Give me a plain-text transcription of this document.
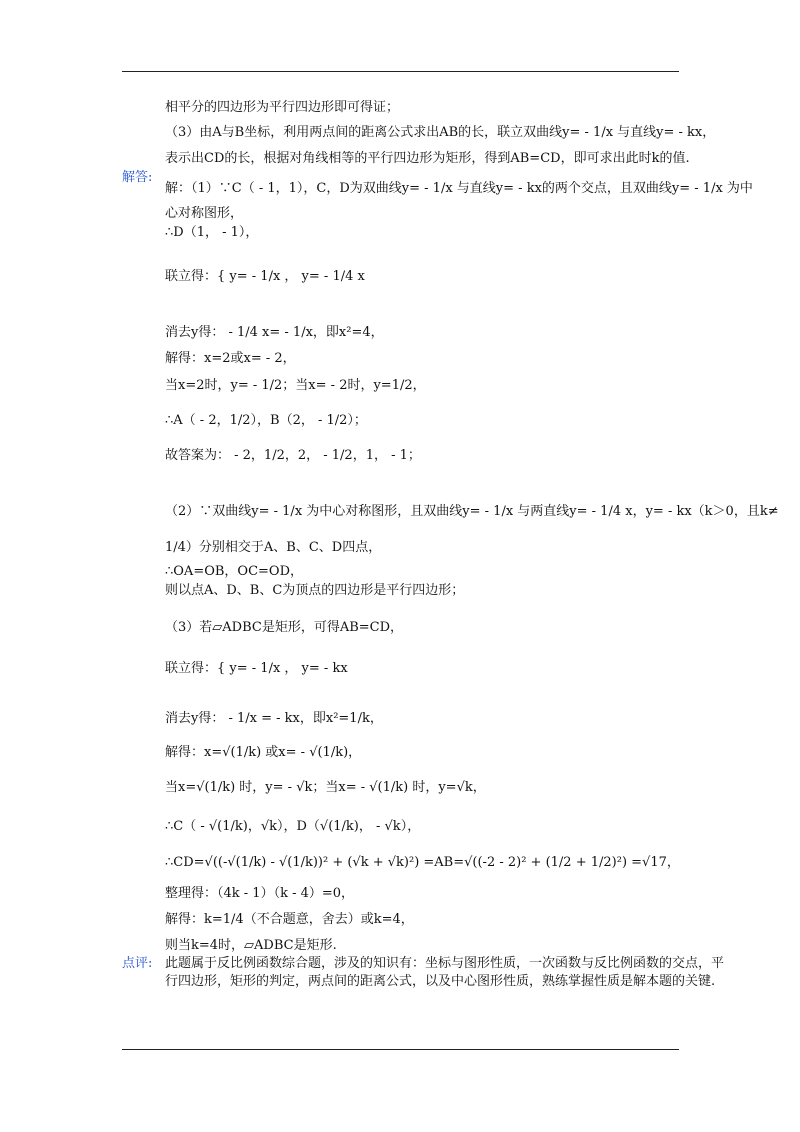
相平分的四边形为平行四边形即可得证；
（3）由A与B坐标，利用两点间的距离公式求出AB的长，联立双曲线y= - 1/x 与直线y= - kx，
表示出CD的长，根据对角线相等的平行四边形为矩形，得到AB=CD，即可求出此时k的值.
解答:
解：（1）∵C（ - 1，1），C，D为双曲线y= - 1/x 与直线y= - kx的两个交点，且双曲线y= - 1/x 为中
心对称图形，
∴D（1， - 1），
联立得：{ y= - 1/x ， y= - 1/4 x
消去y得： - 1/4 x= - 1/x，即x²=4，
解得：x=2或x= - 2，
当x=2时，y= - 1/2；当x= - 2时，y=1/2，
∴A（ - 2，1/2），B（2， - 1/2）；
故答案为： - 2，1/2，2， - 1/2，1， - 1；
（2）∵双曲线y= - 1/x 为中心对称图形，且双曲线y= - 1/x 与两直线y= - 1/4 x，y= - kx（k＞0，且k≠
1/4）分别相交于A、B、C、D四点，
∴OA=OB，OC=OD，
则以点A、D、B、C为顶点的四边形是平行四边形；
（3）若▱ADBC是矩形，可得AB=CD，
联立得：{ y= - 1/x ， y= - kx
消去y得： - 1/x = - kx，即x²=1/k，
解得：x=√(1/k) 或x= - √(1/k)，
当x=√(1/k) 时，y= - √k；当x= - √(1/k) 时，y=√k，
∴C（ - √(1/k)，√k），D（√(1/k)， - √k），
∴CD=√((-√(1/k) - √(1/k))² + (√k + √k)²) =AB=√((-2 - 2)² + (1/2 + 1/2)²) =√17，
整理得：（4k - 1）（k - 4）=0，
解得：k=1/4（不合题意，舍去）或k=4，
则当k=4时，▱ADBC是矩形.
点评: 此题属于反比例函数综合题，涉及的知识有：坐标与图形性质，一次函数与反比例函数的交点，平行四边形，矩形的判定，两点间的距离公式，以及中心图形性质，熟练掌握性质是解本题的关键.
